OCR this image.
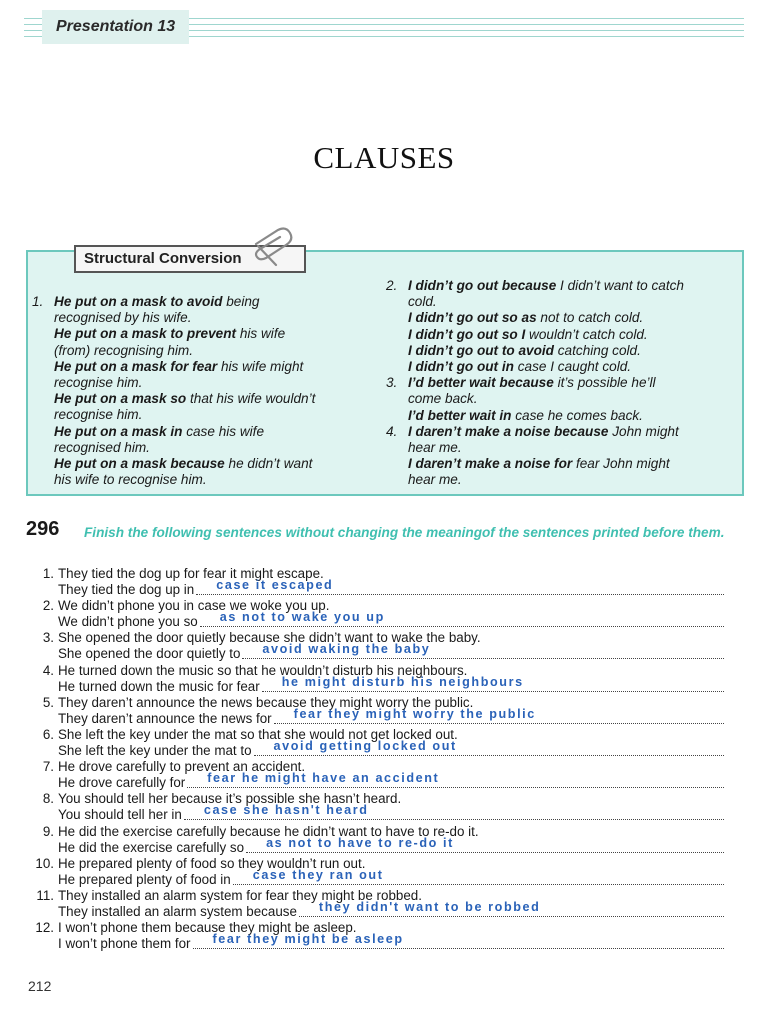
Presentation 13
CLAUSES
Structural Conversion
1. He put on a mask to avoid being
recognised by his wife.
He put on a mask to prevent his wife
(from) recognising him.
He put on a mask for fear his wife might
recognise him.
He put on a mask so that his wife wouldn’t
recognise him.
He put on a mask in case his wife
recognised him.
He put on a mask because he didn’t want
his wife to recognise him.
2. I didn’t go out because I didn’t want to catch
cold.
I didn’t go out so as not to catch cold.
I didn’t go out so I wouldn’t catch cold.
I didn’t go out to avoid catching cold.
I didn’t go out in case I caught cold.
3. I’d better wait because it’s possible he’ll
come back.
I’d better wait in case he comes back.
4. I daren’t make a noise because John might
hear me.
I daren’t make a noise for fear John might
hear me.
296 Finish the following sentences without changing the meaningof the sentences printed before them.
1. They tied the dog up for fear it might escape.
They tied the dog up in case it escaped
2. We didn’t phone you in case we woke you up.
We didn’t phone you so as not to wake you up
3. She opened the door quietly because she didn’t want to wake the baby.
She opened the door quietly to avoid waking the baby
4. He turned down the music so that he wouldn’t disturb his neighbours.
He turned down the music for fear he might disturb his neighbours
5. They daren’t announce the news because they might worry the public.
They daren’t announce the news for fear they might worry the public
6. She left the key under the mat so that she would not get locked out.
She left the key under the mat to avoid getting locked out
7. He drove carefully to prevent an accident.
He drove carefully for fear he might have an accident
8. You should tell her because it’s possible she hasn’t heard.
You should tell her in case she hasn't heard
9. He did the exercise carefully because he didn’t want to have to re-do it.
He did the exercise carefully so as not to have to re-do it
10. He prepared plenty of food so they wouldn’t run out.
He prepared plenty of food in case they ran out
11. They installed an alarm system for fear they might be robbed.
They installed an alarm system because they didn't want to be robbed
12. I won’t phone them because they might be asleep.
I won’t phone them for fear they might be asleep
212
